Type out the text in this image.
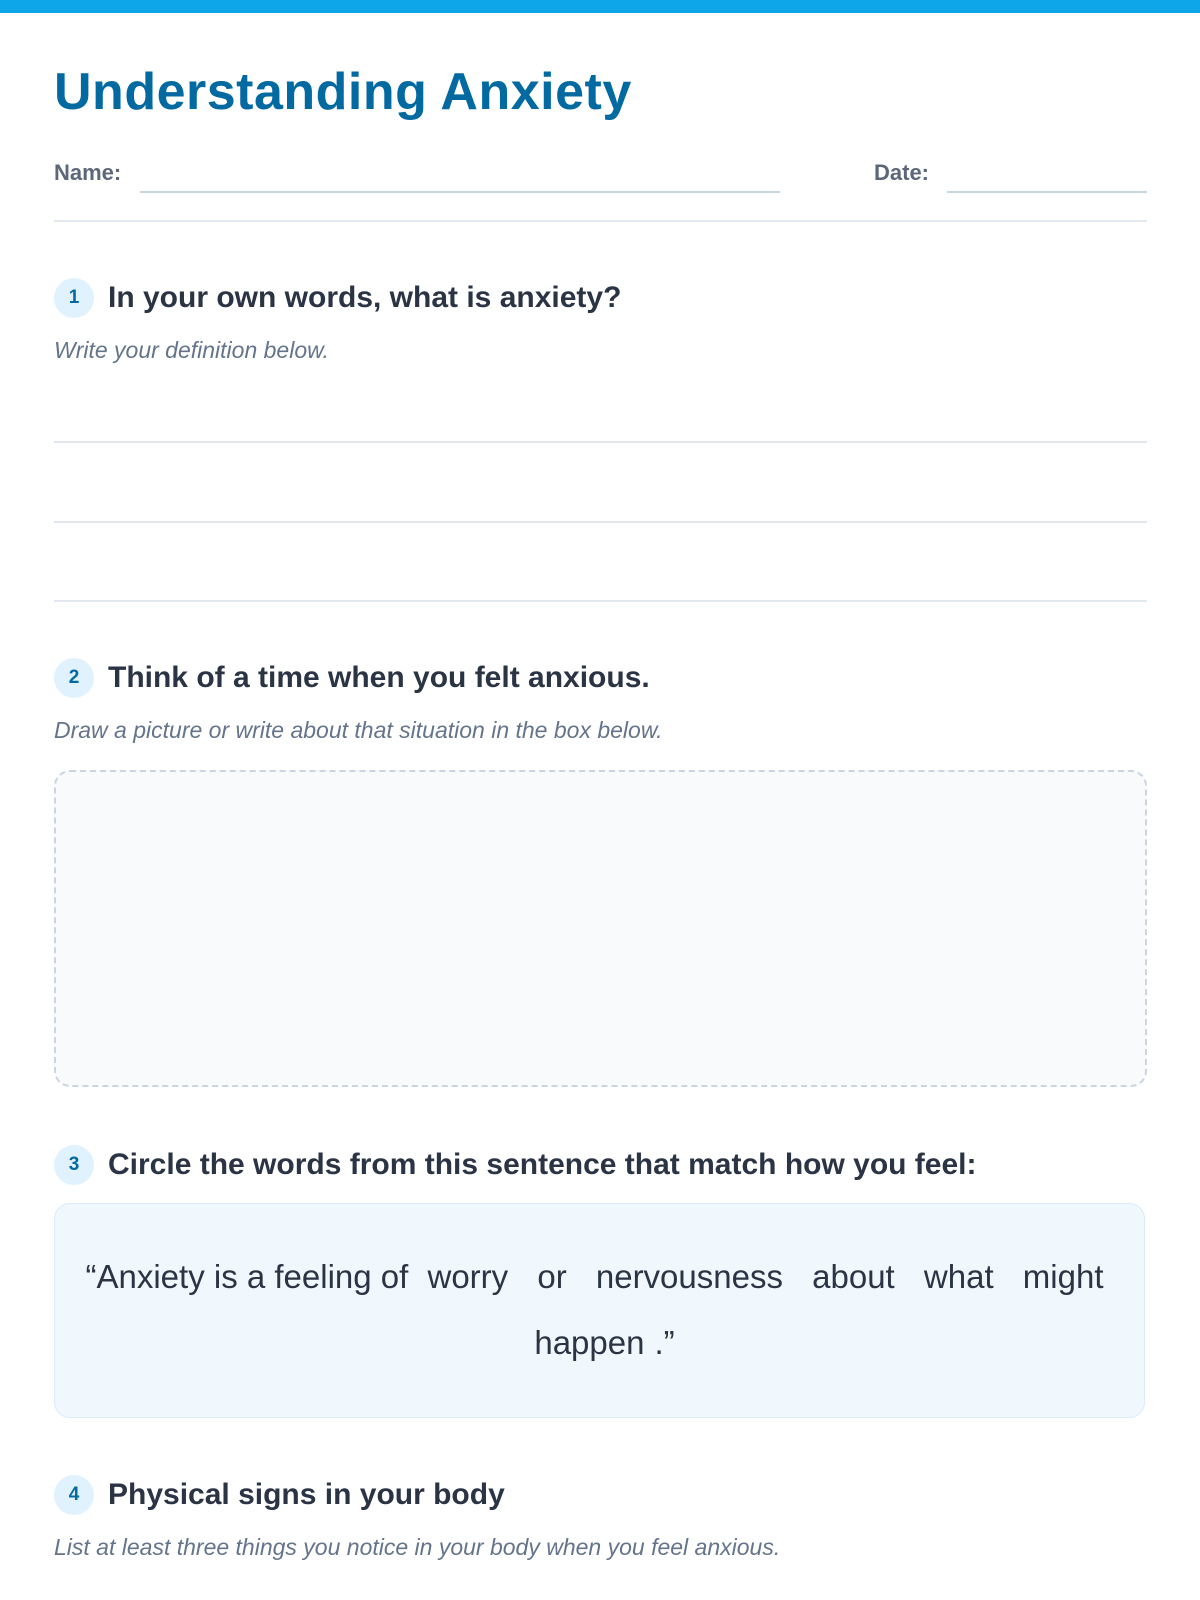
Understanding Anxiety
Name:	Date:
1 In your own words, what is anxiety?
Write your definition below.
2 Think of a time when you felt anxious.
Draw a picture or write about that situation in the box below.
3 Circle the words from this sentence that match how you feel:
“Anxiety is a feeling of worry or nervousness about what might happen .”
4 Physical signs in your body
List at least three things you notice in your body when you feel anxious.
